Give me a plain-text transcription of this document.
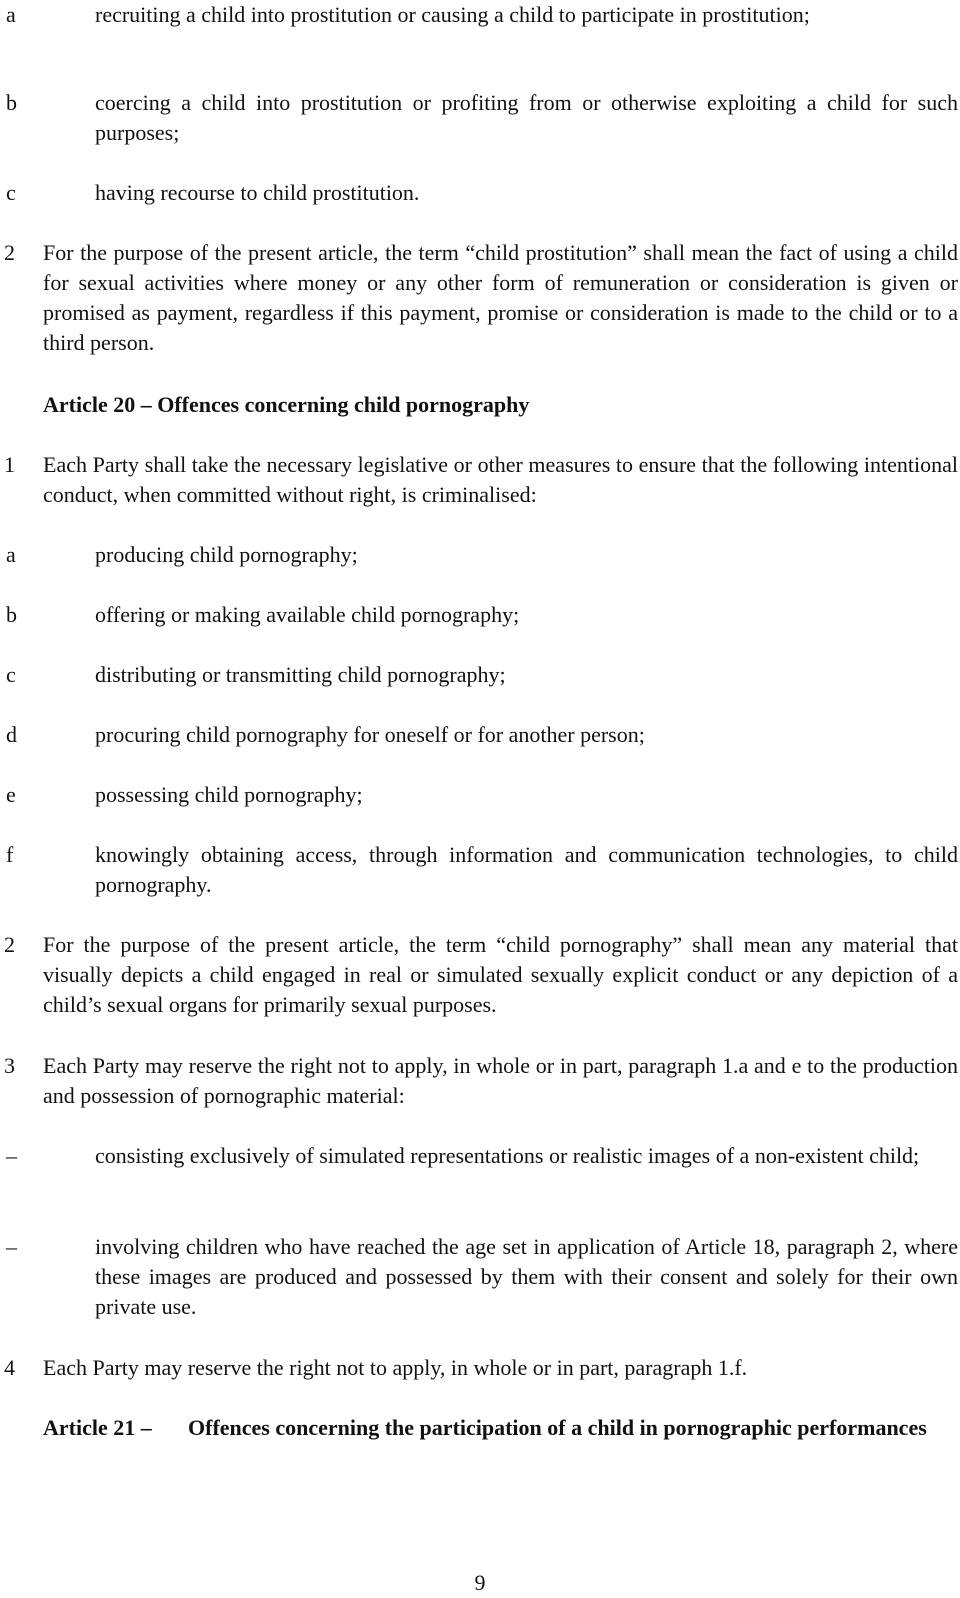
a	recruiting a child into prostitution or causing a child to participate in prostitution;
b	coercing a child into prostitution or profiting from or otherwise exploiting a child for such purposes;
c	having recourse to child prostitution.
2	For the purpose of the present article, the term “child prostitution” shall mean the fact of using a child for sexual activities where money or any other form of remuneration or consideration is given or promised as payment, regardless if this payment, promise or consideration is made to the child or to a third person.
Article 20 – Offences concerning child pornography
1	Each Party shall take the necessary legislative or other measures to ensure that the following intentional conduct, when committed without right, is criminalised:
a	producing child pornography;
b	offering or making available child pornography;
c	distributing or transmitting child pornography;
d	procuring child pornography for oneself or for another person;
e	possessing child pornography;
f	knowingly obtaining access, through information and communication technologies, to child pornography.
2	For the purpose of the present article, the term “child pornography” shall mean any material that visually depicts a child engaged in real or simulated sexually explicit conduct or any depiction of a child’s sexual organs for primarily sexual purposes.
3	Each Party may reserve the right not to apply, in whole or in part, paragraph 1.a and e to the production and possession of pornographic material:
–	consisting exclusively of simulated representations or realistic images of a non-existent child;
–	involving children who have reached the age set in application of Article 18, paragraph 2, where these images are produced and possessed by them with their consent and solely for their own private use.
4	Each Party may reserve the right not to apply, in whole or in part, paragraph 1.f.
Article 21 – Offences concerning the participation of a child in pornographic performances
9
